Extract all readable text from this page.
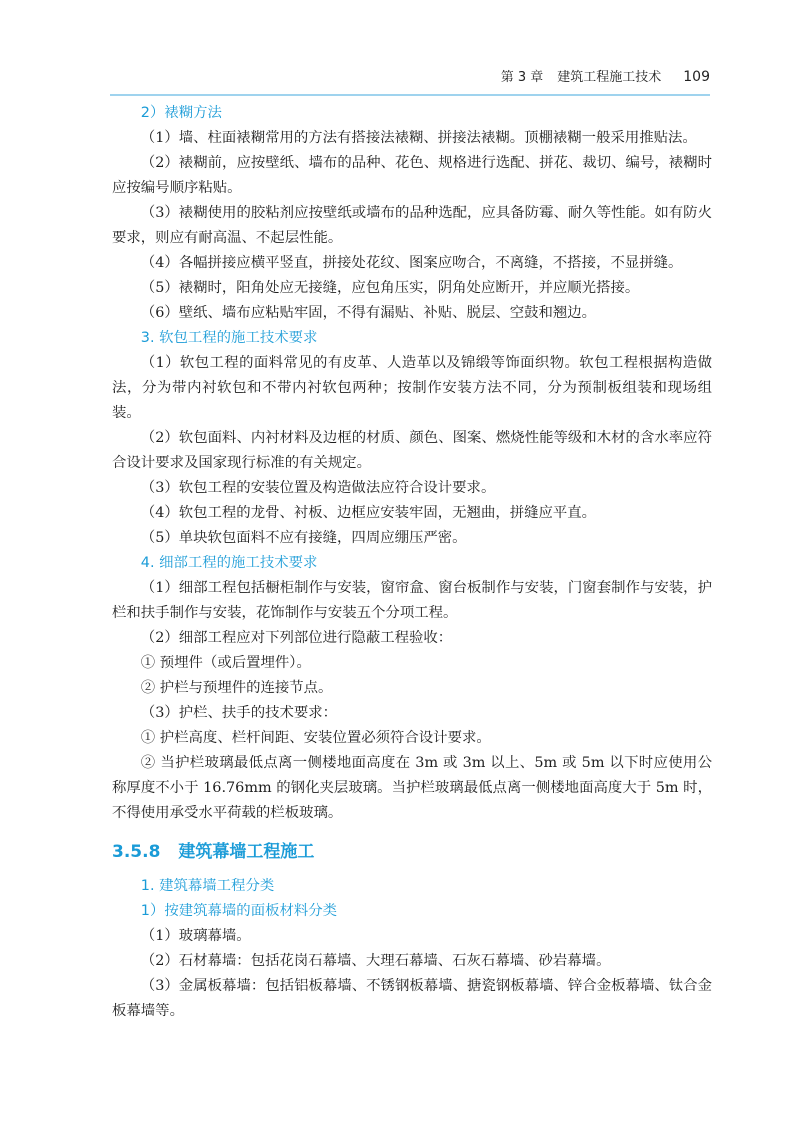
第 3 章 建筑工程施工技术 109
2）裱糊方法

（1）墙、柱面裱糊常用的方法有搭接法裱糊、拼接法裱糊。顶棚裱糊一般采用推贴法。

（2）裱糊前，应按壁纸、墙布的品种、花色、规格进行选配、拼花、裁切、编号，裱糊时应按编号顺序粘贴。

（3）裱糊使用的胶粘剂应按壁纸或墙布的品种选配，应具备防霉、耐久等性能。如有防火要求，则应有耐高温、不起层性能。

（4）各幅拼接应横平竖直，拼接处花纹、图案应吻合，不离缝，不搭接，不显拼缝。

（5）裱糊时，阳角处应无接缝，应包角压实，阴角处应断开，并应顺光搭接。

（6）壁纸、墙布应粘贴牢固，不得有漏贴、补贴、脱层、空鼓和翘边。

3. 软包工程的施工技术要求

（1）软包工程的面料常见的有皮革、人造革以及锦缎等饰面织物。软包工程根据构造做法，分为带内衬软包和不带内衬软包两种；按制作安装方法不同，分为预制板组装和现场组装。

（2）软包面料、内衬材料及边框的材质、颜色、图案、燃烧性能等级和木材的含水率应符合设计要求及国家现行标准的有关规定。

（3）软包工程的安装位置及构造做法应符合设计要求。

（4）软包工程的龙骨、衬板、边框应安装牢固，无翘曲，拼缝应平直。

（5）单块软包面料不应有接缝，四周应绷压严密。

4. 细部工程的施工技术要求

（1）细部工程包括橱柜制作与安装，窗帘盒、窗台板制作与安装，门窗套制作与安装，护栏和扶手制作与安装，花饰制作与安装五个分项工程。

（2）细部工程应对下列部位进行隐蔽工程验收：

① 预埋件（或后置埋件）。

② 护栏与预埋件的连接节点。

（3）护栏、扶手的技术要求：

① 护栏高度、栏杆间距、安装位置必须符合设计要求。

② 当护栏玻璃最低点离一侧楼地面高度在 3m 或 3m 以上、5m 或 5m 以下时应使用公称厚度不小于 16.76mm 的钢化夹层玻璃。当护栏玻璃最低点离一侧楼地面高度大于 5m 时，不得使用承受水平荷载的栏板玻璃。

3.5.8 建筑幕墙工程施工
1. 建筑幕墙工程分类
1）按建筑幕墙的面板材料分类

（1）玻璃幕墙。

（2）石材幕墙：包括花岗石幕墙、大理石幕墙、石灰石幕墙、砂岩幕墙。

（3）金属板幕墙：包括铝板幕墙、不锈钢板幕墙、搪瓷钢板幕墙、锌合金板幕墙、钛合金板幕墙等。
